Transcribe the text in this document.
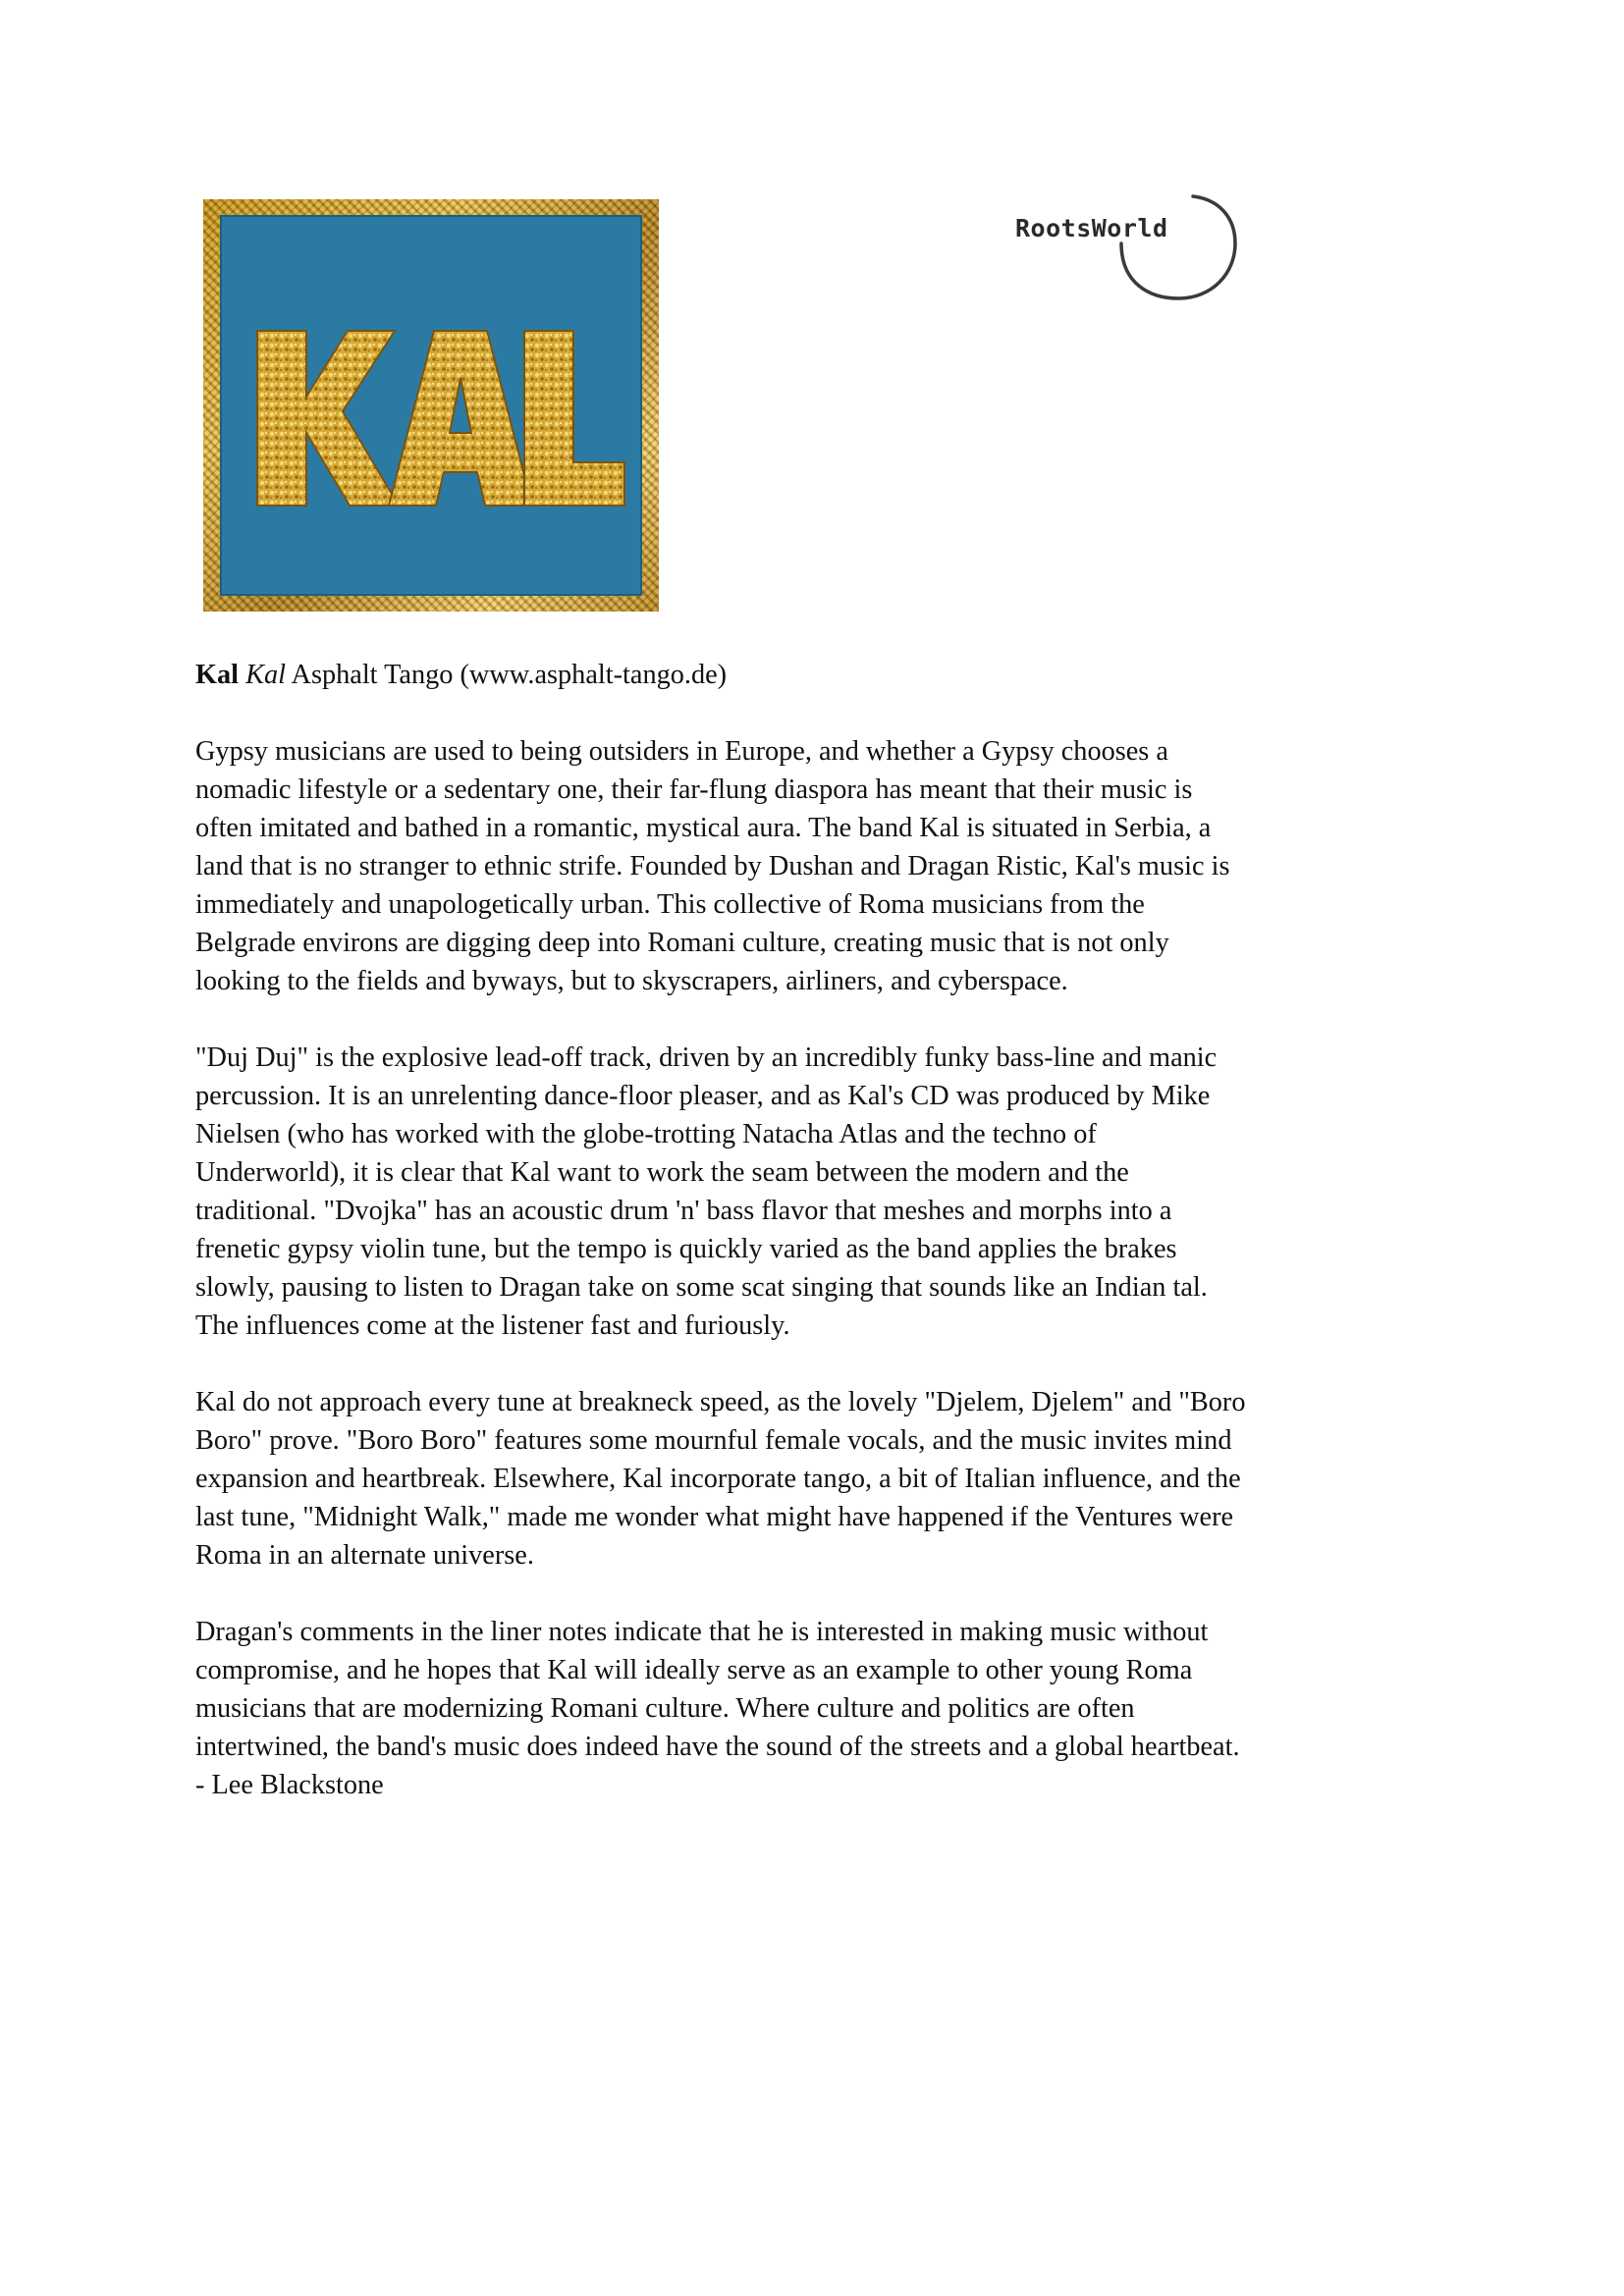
RootsWorld

Kal Kal Asphalt Tango (www.asphalt-tango.de)

Gypsy musicians are used to being outsiders in Europe, and whether a Gypsy chooses a
nomadic lifestyle or a sedentary one, their far-flung diaspora has meant that their music is
often imitated and bathed in a romantic, mystical aura. The band Kal is situated in Serbia, a
land that is no stranger to ethnic strife. Founded by Dushan and Dragan Ristic, Kal's music is
immediately and unapologetically urban. This collective of Roma musicians from the
Belgrade environs are digging deep into Romani culture, creating music that is not only
looking to the fields and byways, but to skyscrapers, airliners, and cyberspace.

"Duj Duj" is the explosive lead-off track, driven by an incredibly funky bass-line and manic
percussion. It is an unrelenting dance-floor pleaser, and as Kal's CD was produced by Mike
Nielsen (who has worked with the globe-trotting Natacha Atlas and the techno of
Underworld), it is clear that Kal want to work the seam between the modern and the
traditional. "Dvojka" has an acoustic drum 'n' bass flavor that meshes and morphs into a
frenetic gypsy violin tune, but the tempo is quickly varied as the band applies the brakes
slowly, pausing to listen to Dragan take on some scat singing that sounds like an Indian tal.
The influences come at the listener fast and furiously.

Kal do not approach every tune at breakneck speed, as the lovely "Djelem, Djelem" and "Boro
Boro" prove. "Boro Boro" features some mournful female vocals, and the music invites mind
expansion and heartbreak. Elsewhere, Kal incorporate tango, a bit of Italian influence, and the
last tune, "Midnight Walk," made me wonder what might have happened if the Ventures were
Roma in an alternate universe.

Dragan's comments in the liner notes indicate that he is interested in making music without
compromise, and he hopes that Kal will ideally serve as an example to other young Roma
musicians that are modernizing Romani culture. Where culture and politics are often
intertwined, the band's music does indeed have the sound of the streets and a global heartbeat.
- Lee Blackstone
